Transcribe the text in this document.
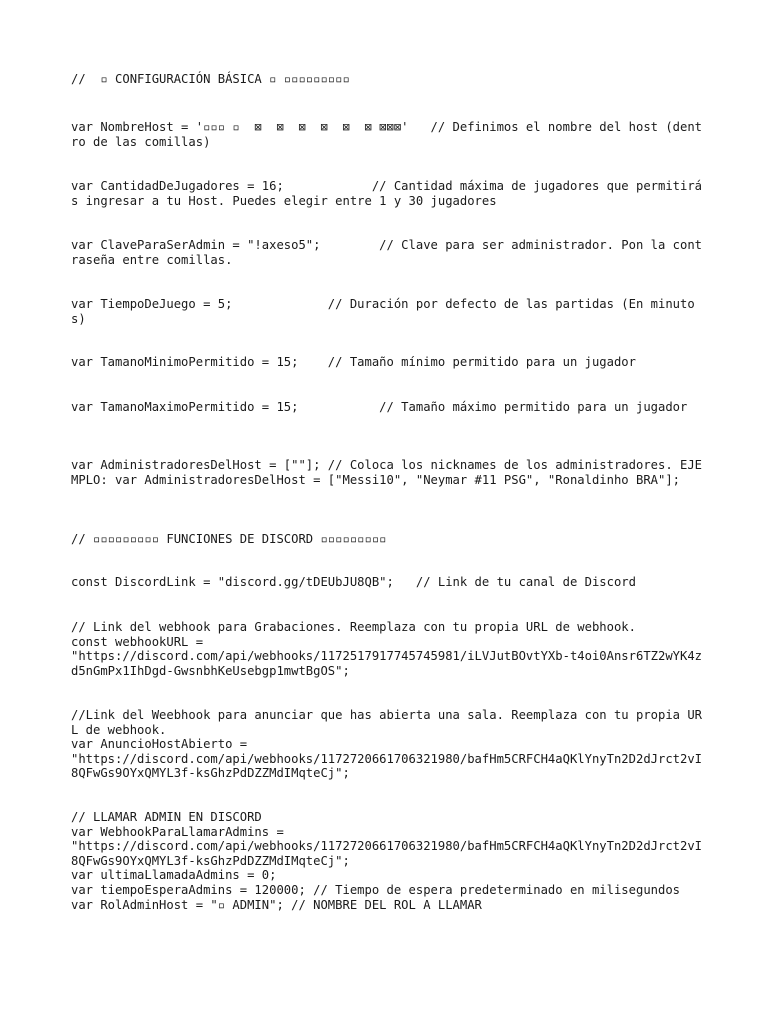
//  ▫ CONFIGURACIÓN BÁSICA ▫ ▫▫▫▫▫▫▫▫▫

var NombreHost = '▫▫▫ ▫  ⊠  ⊠  ⊠  ⊠  ⊠  ⊠ ⊠⊠⊠'   // Definimos el nombre del host (dentro de las comillas)

var CantidadDeJugadores = 16;            // Cantidad máxima de jugadores que permitirás ingresar a tu Host. Puedes elegir entre 1 y 30 jugadores

var ClaveParaSerAdmin = "!axeso5";        // Clave para ser administrador. Pon la contraseña entre comillas.

var TiempoDeJuego = 5;             // Duración por defecto de las partidas (En minutos)

var TamanoMinimoPermitido = 15;    // Tamaño mínimo permitido para un jugador

var TamanoMaximoPermitido = 15;           // Tamaño máximo permitido para un jugador

var AdministradoresDelHost = [""]; // Coloca los nicknames de los administradores. EJEMPLO: var AdministradoresDelHost = ["Messi10", "Neymar #11 PSG", "Ronaldinho BRA"];

// ▫▫▫▫▫▫▫▫▫ FUNCIONES DE DISCORD ▫▫▫▫▫▫▫▫▫

const DiscordLink = "discord.gg/tDEUbJU8QB";   // Link de tu canal de Discord

// Link del webhook para Grabaciones. Reemplaza con tu propia URL de webhook.
const webhookURL =
"https://discord.com/api/webhooks/1172517917745745981/iLVJutBOvtYXb-t4oi0Ansr6TZ2wYK4zd5nGmPx1IhDgd-GwsnbhKeUsebgp1mwtBgOS";

//Link del Weebhook para anunciar que has abierta una sala. Reemplaza con tu propia URL de webhook.
var AnuncioHostAbierto =
"https://discord.com/api/webhooks/1172720661706321980/bafHm5CRFCH4aQKlYnyTn2D2dJrct2vI8QFwGs9OYxQMYL3f-ksGhzPdDZZMdIMqteCj";

// LLAMAR ADMIN EN DISCORD
var WebhookParaLlamarAdmins =
"https://discord.com/api/webhooks/1172720661706321980/bafHm5CRFCH4aQKlYnyTn2D2dJrct2vI8QFwGs9OYxQMYL3f-ksGhzPdDZZMdIMqteCj";
var ultimaLlamadaAdmins = 0;
var tiempoEsperaAdmins = 120000; // Tiempo de espera predeterminado en milisegundos
var RolAdminHost = "▫ ADMIN"; // NOMBRE DEL ROL A LLAMAR
